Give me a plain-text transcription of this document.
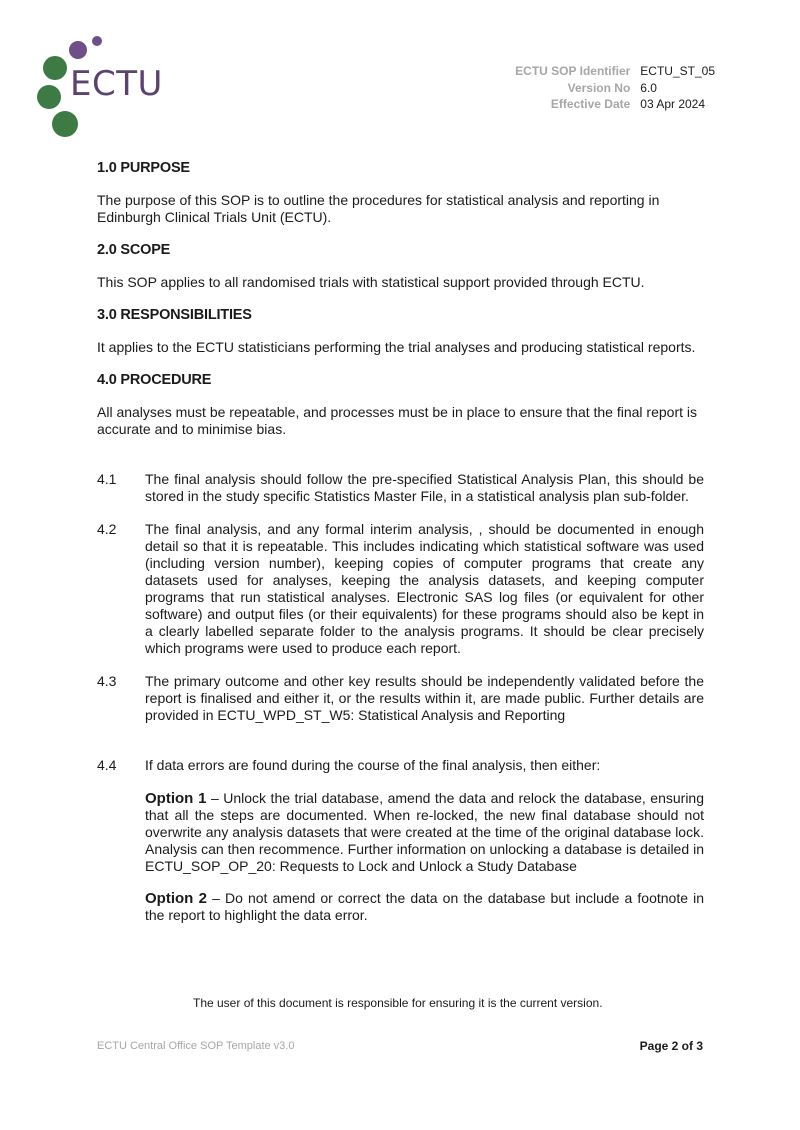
ECTU	ECTU SOP Identifier	ECTU_ST_05
Version No	6.0
Effective Date	03 Apr 2024
1.0 PURPOSE

The purpose of this SOP is to outline the procedures for statistical analysis and reporting in Edinburgh Clinical Trials Unit (ECTU).

2.0 SCOPE

This SOP applies to all randomised trials with statistical support provided through ECTU.

3.0 RESPONSIBILITIES

It applies to the ECTU statisticians performing the trial analyses and producing statistical reports.

4.0 PROCEDURE

All analyses must be repeatable, and processes must be in place to ensure that the final report is accurate and to minimise bias.

4.1	The final analysis should follow the pre-specified Statistical Analysis Plan, this should be stored in the study specific Statistics Master File, in a statistical analysis plan sub-folder.
4.2	The final analysis, and any formal interim analysis, , should be documented in enough detail so that it is repeatable. This includes indicating which statistical software was used (including version number), keeping copies of computer programs that create any datasets used for analyses, keeping the analysis datasets, and keeping computer programs that run statistical analyses. Electronic SAS log files (or equivalent for other software) and output files (or their equivalents) for these programs should also be kept in a clearly labelled separate folder to the analysis programs. It should be clear precisely which programs were used to produce each report.
4.3	The primary outcome and other key results should be independently validated before the report is finalised and either it, or the results within it, are made public. Further details are provided in ECTU_WPD_ST_W5: Statistical Analysis and Reporting
4.4	If data errors are found during the course of the final analysis, then either:

Option 1 – Unlock the trial database, amend the data and relock the database, ensuring that all the steps are documented. When re-locked, the new final database should not overwrite any analysis datasets that were created at the time of the original database lock. Analysis can then recommence. Further information on unlocking a database is detailed in ECTU_SOP_OP_20: Requests to Lock and Unlock a Study Database

Option 2 – Do not amend or correct the data on the database but include a footnote in the report to highlight the data error.

The user of this document is responsible for ensuring it is the current version.
ECTU Central Office SOP Template v3.0	Page 2 of 3
